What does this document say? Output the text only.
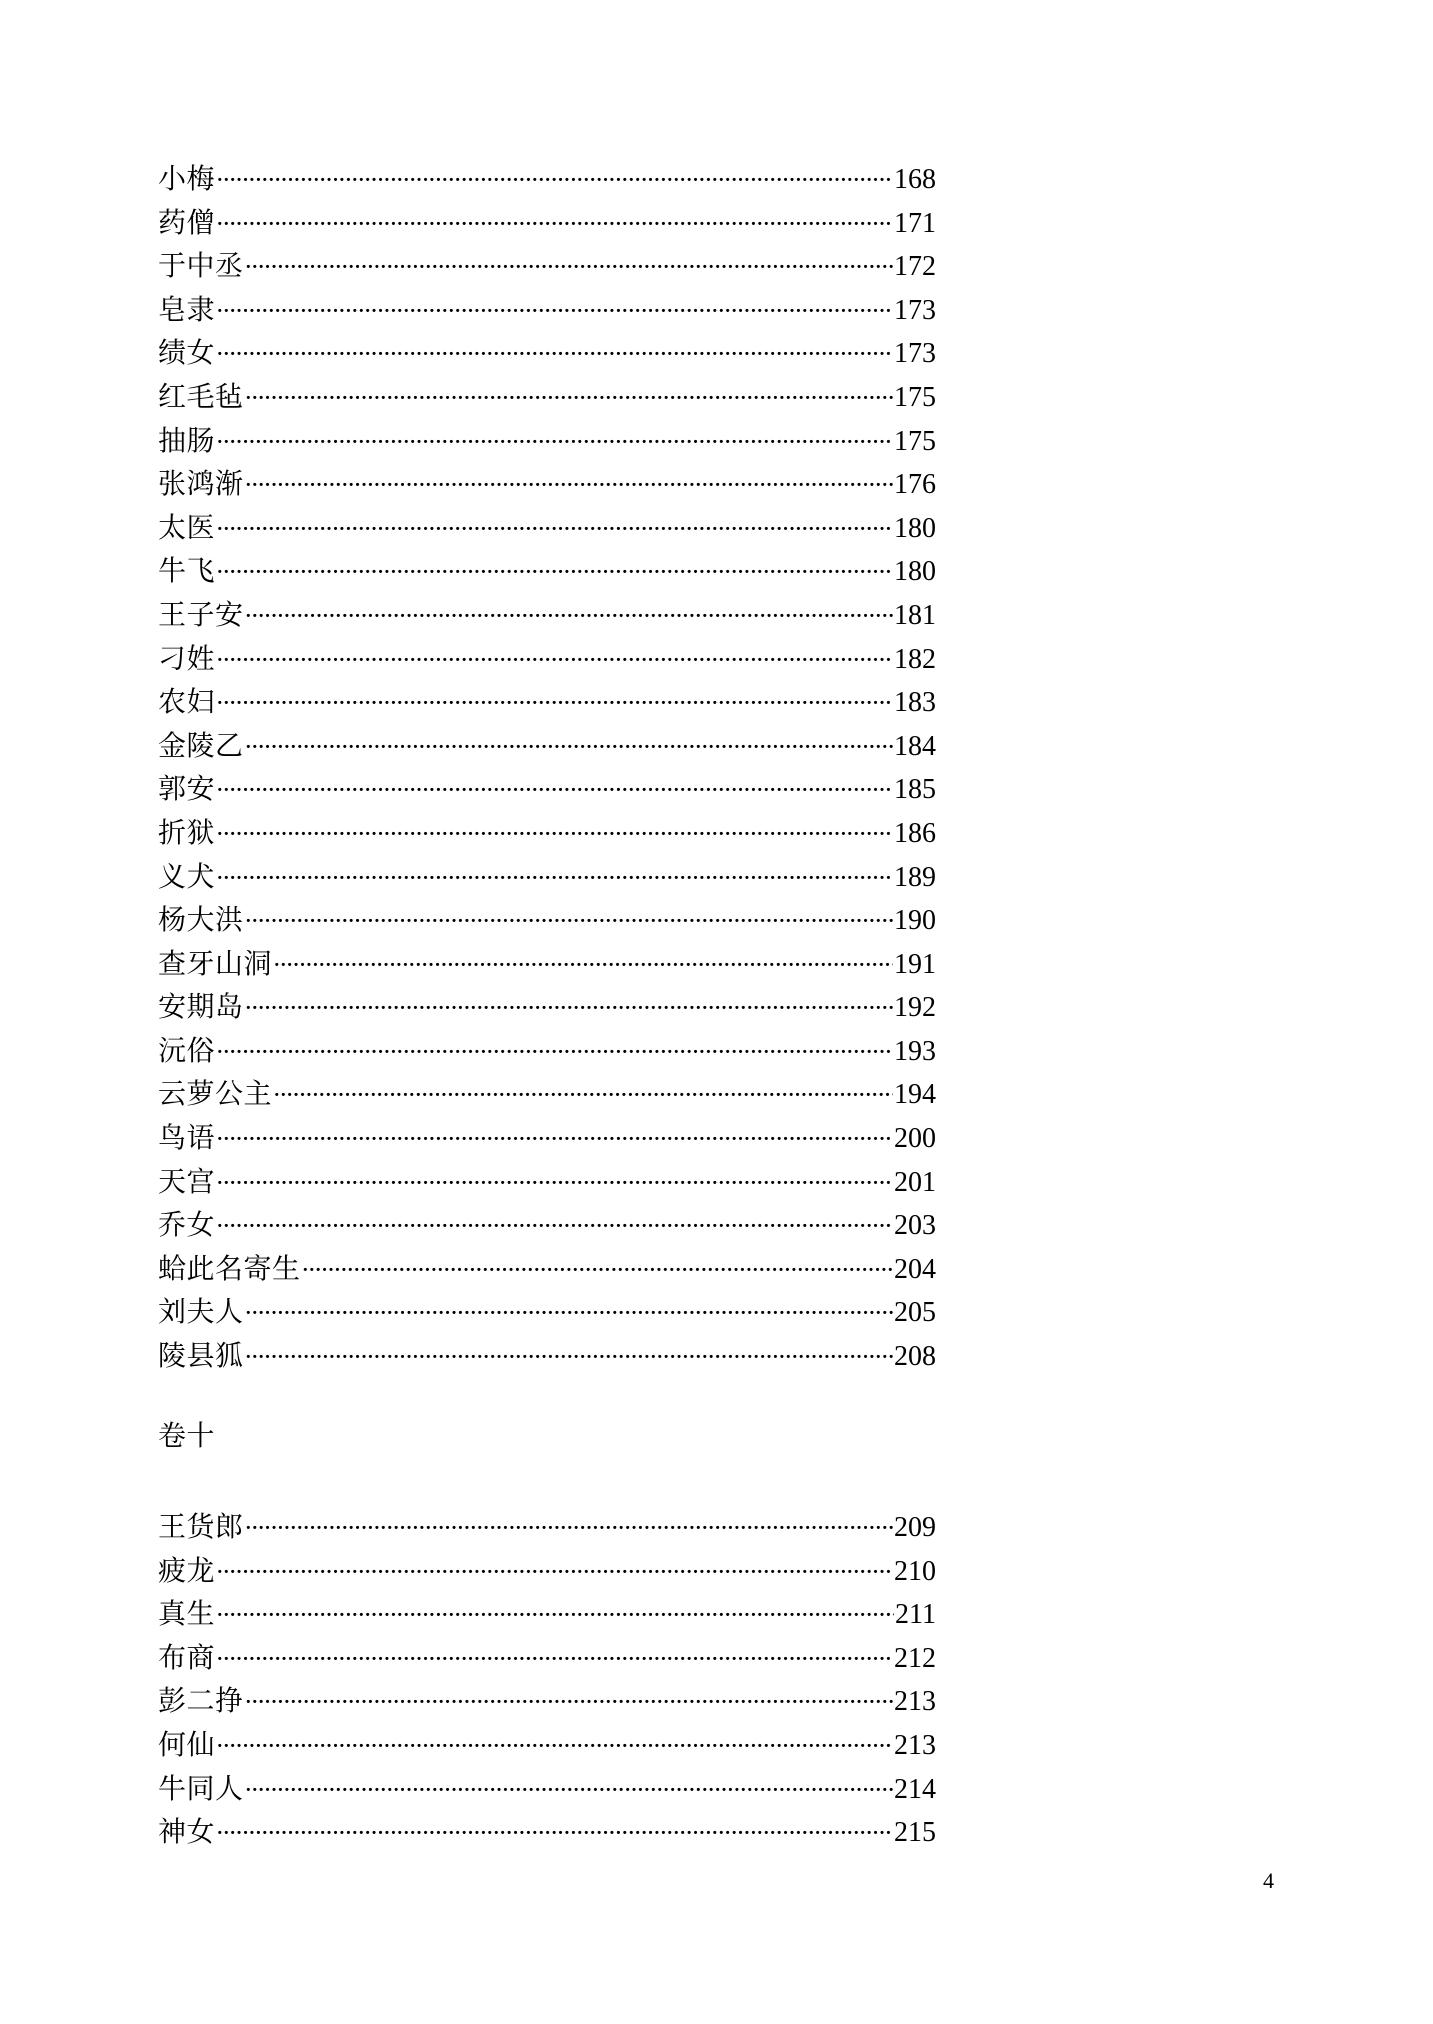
小梅 ·····	168
药僧 ·····	171
于中丞 ·····	172
皂隶 ·····	173
绩女 ·····	173
红毛毡 ·····	175
抽肠 ·····	175
张鸿渐 ·····	176
太医 ·····	180
牛飞 ·····	180
王子安 ·····	181
刁姓 ·····	182
农妇 ·····	183
金陵乙 ·····	184
郭安 ·····	185
折狱 ·····	186
义犬 ·····	189
杨大洪 ·····	190
查牙山洞 ·····	191
安期岛 ·····	192
沅俗 ·····	193
云萝公主 ·····	194
鸟语 ·····	200
天宫 ·····	201
乔女 ·····	203
蛤此名寄生 ·····	204
刘夫人 ·····	205
陵县狐 ·····	208
卷十
王货郎 ·····	209
疲龙 ·····	210
真生 ·····	211
布商 ·····	212
彭二挣 ·····	213
何仙 ·····	213
牛同人 ·····	214
神女 ·····	215
4
